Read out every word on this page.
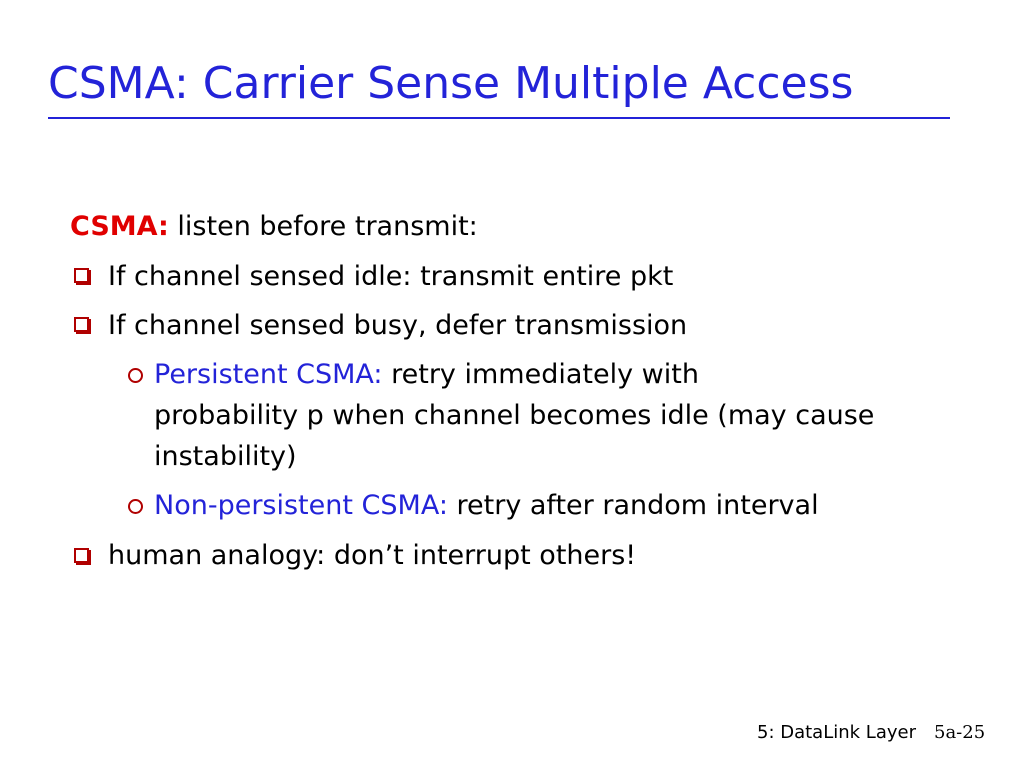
CSMA: Carrier Sense Multiple Access
CSMA: listen before transmit:
If channel sensed idle: transmit entire pkt
If channel sensed busy, defer transmission
Persistent CSMA: retry immediately with
probability p when channel becomes idle (may cause
instability)
Non-persistent CSMA: retry after random interval
human analogy: don’t interrupt others!
5: DataLink Layer 5a-25
